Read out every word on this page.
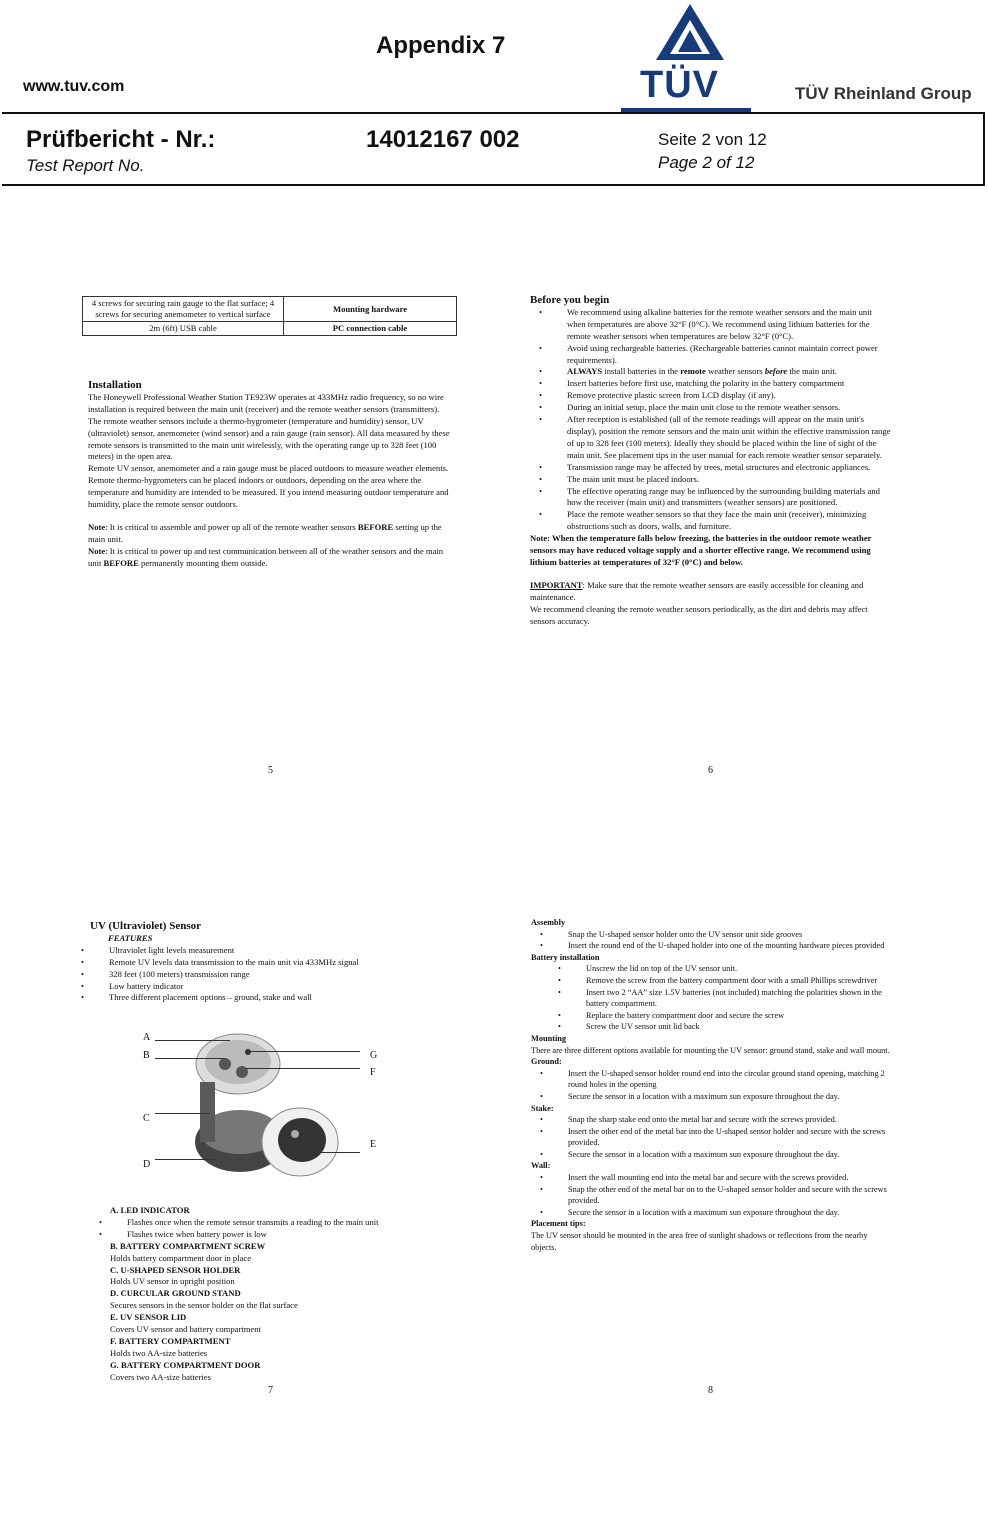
www.tuv.com
Appendix 7
TÜV	TÜV Rheinland Group
Prüfbericht - Nr.:
Test Report No.
14012167 002	Seite 2 von 12
Page 2 of 12
4 screws for securing rain gauge to the flat surface; 4 screws for securing anemometer to vertical surface	Mounting hardware
2m (6ft) USB cable	PC connection cable

Installation

The Honeywell Professional Weather Station TE923W operates at 433MHz radio frequency, so no wire installation is required between the main unit (receiver) and the remote weather sensors (transmitters).

The remote weather sensors include a thermo-hygrometer (temperature and humidity) sensor, UV (ultraviolet) sensor, anemometer (wind sensor) and a rain gauge (rain sensor). All data measured by these remote sensors is transmitted to the main unit wirelessly, with the operating range up to 328 feet (100 meters) in the open area.

Remote UV sensor, anemometer and a rain gauge must be placed outdoors to measure weather elements.

Remote thermo-hygrometers can be placed indoors or outdoors, depending on the area where the temperature and humidity are intended to be measured. If you intend measuring outdoor temperature and humidity, place the remote sensor outdoors.

Note: It is critical to assemble and power up all of the remote weather sensors BEFORE setting up the main unit.

Note: It is critical to power up and test communication between all of the weather sensors and the main unit BEFORE permanently mounting them outside.

5

Before you begin

• We recommend using alkaline batteries for the remote weather sensors and the main unit when temperatures are above 32°F (0°C). We recommend using lithium batteries for the remote weather sensors when temperatures are below 32°F (0°C).
• Avoid using rechargeable batteries. (Rechargeable batteries cannot maintain correct power requirements).
• ALWAYS install batteries in the remote weather sensors before the main unit.
• Insert batteries before first use, matching the polarity in the battery compartment
• Remove protective plastic screen from LCD display (if any).
• During an initial setup, place the main unit close to the remote weather sensors.
• After reception is established (all of the remote readings will appear on the main unit's display), position the remote sensors and the main unit within the effective transmission range of up to 328 feet (100 meters). Ideally they should be placed within the line of sight of the main unit. See placement tips in the user manual for each remote weather sensor separately.
• Transmission range may be affected by trees, metal structures and electronic appliances.
• The main unit must be placed indoors.
• The effective operating range may be influenced by the surrounding building materials and how the receiver (main unit) and transmitters (weather sensors) are positioned.
• Place the remote weather sensors so that they face the main unit (receiver), minimizing obstructions such as doors, walls, and furniture.

Note: When the temperature falls below freezing, the batteries in the outdoor remote weather sensors may have reduced voltage supply and a shorter effective range. We recommend using lithium batteries at temperatures of 32°F (0°C) and below.

IMPORTANT: Make sure that the remote weather sensors are easily accessible for cleaning and maintenance.

We recommend cleaning the remote weather sensors periodically, as the dirt and debris may affect sensors accuracy.

6

UV (Ultraviolet) Sensor

FEATURES

• Ultraviolet light levels measurement
• Remote UV levels data transmission to the main unit via 433MHz signal
• 328 feet (100 meters) transmission range
• Low battery indicator
• Three different placement options – ground, stake and wall
A
B
C
D
E
F
G

A. LED INDICATOR

• Flashes once when the remote sensor transmits a reading to the main unit
• Flashes twice when battery power is low

B. BATTERY COMPARTMENT SCREW

Holds battery compartment door in place

C. U-SHAPED SENSOR HOLDER

Holds UV sensor in upright position

D. CURCULAR GROUND STAND

Secures sensors in the sensor holder on the flat surface

E. UV SENSOR LID

Covers UV sensor and battery compartment

F. BATTERY COMPARTMENT

Holds two AA-size batteries

G. BATTERY COMPARTMENT DOOR

Covers two AA-size batteries

7

Assembly

• Snap the U-shaped sensor holder onto the UV sensor unit side grooves
• Insert the round end of the U-shaped holder into one of the mounting hardware pieces provided

Battery installation

• Unscrew the lid on top of the UV sensor unit.
• Remove the screw from the battery compartment door with a small Phillips screwdriver
• Insert two 2 “AA” size 1.5V batteries (not included) matching the polarities shown in the battery compartment.
• Replace the battery compartment door and secure the screw
• Screw the UV sensor unit lid back

Mounting

There are three different options available for mounting the UV sensor: ground stand, stake and wall mount.

Ground:

• Insert the U-shaped sensor holder round end into the circular ground stand opening, matching 2 round holes in the opening
• Secure the sensor in a location with a maximum sun exposure throughout the day.

Stake:

• Snap the sharp stake end onto the metal bar and secure with the screws provided.
• Insert the other end of the metal bar into the U-shaped sensor holder and secure with the screws provided.
• Secure the sensor in a location with a maximum sun exposure throughout the day.

Wall:

• Insert the wall mounting end into the metal bar and secure with the screws provided.
• Snap the other end of the metal bar on to the U-shaped sensor holder and secure with the screws provided.
• Secure the sensor in a location with a maximum sun exposure throughout the day.

Placement tips:

The UV sensor should be mounted in the area free of sunlight shadows or reflections from the nearby objects.

8
